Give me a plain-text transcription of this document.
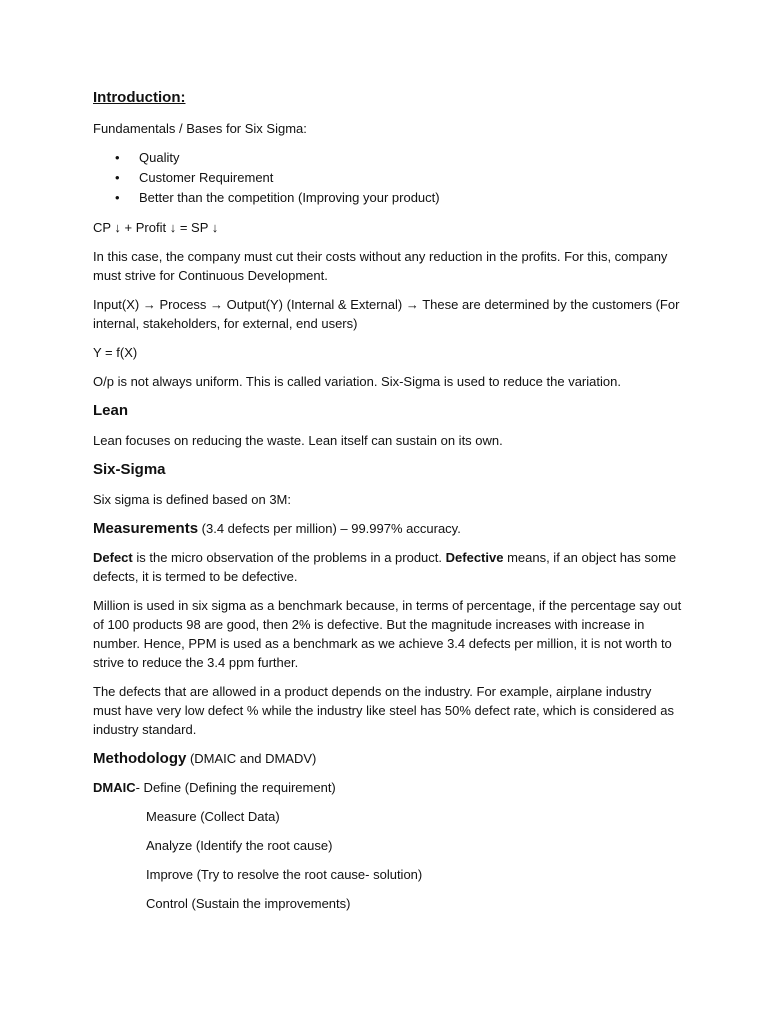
Introduction:

Fundamentals / Bases for Six Sigma:

• Quality
• Customer Requirement
• Better than the competition (Improving your product)

CP ↓ + Profit ↓ = SP ↓

In this case, the company must cut their costs without any reduction in the profits. For this, company must strive for Continuous Development.

Input(X) → Process → Output(Y) (Internal & External) → These are determined by the customers (For internal, stakeholders, for external, end users)

Y = f(X)

O/p is not always uniform. This is called variation. Six-Sigma is used to reduce the variation.

Lean

Lean focuses on reducing the waste. Lean itself can sustain on its own.

Six-Sigma

Six sigma is defined based on 3M:

Measurements (3.4 defects per million) – 99.997% accuracy.

Defect is the micro observation of the problems in a product. Defective means, if an object has some defects, it is termed to be defective.

Million is used in six sigma as a benchmark because, in terms of percentage, if the percentage say out of 100 products 98 are good, then 2% is defective. But the magnitude increases with increase in number. Hence, PPM is used as a benchmark as we achieve 3.4 defects per million, it is not worth to strive to reduce the 3.4 ppm further.

The defects that are allowed in a product depends on the industry. For example, airplane industry must have very low defect % while the industry like steel has 50% defect rate, which is considered as industry standard.

Methodology (DMAIC and DMADV)

DMAIC- Define (Defining the requirement)

Measure (Collect Data)

Analyze (Identify the root cause)

Improve (Try to resolve the root cause- solution)

Control (Sustain the improvements)
